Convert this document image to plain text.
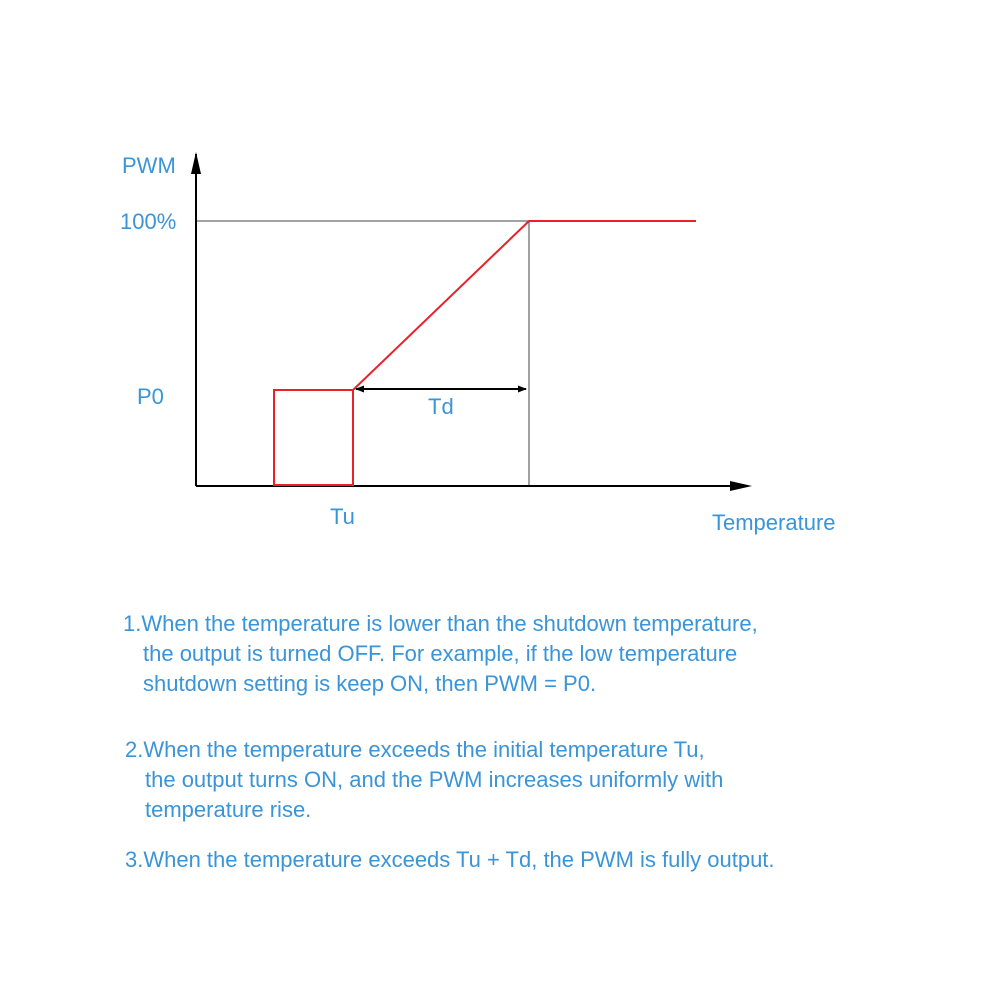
PWM
100%
P0	Td
Tu	Temperature

1.When the temperature is lower than the shutdown temperature,
the output is turned OFF. For example, if the low temperature
shutdown setting is keep ON, then PWM = P0.

2.When the temperature exceeds the initial temperature Tu,
the output turns ON, and the PWM increases uniformly with
temperature rise.

3.When the temperature exceeds Tu + Td, the PWM is fully output.
